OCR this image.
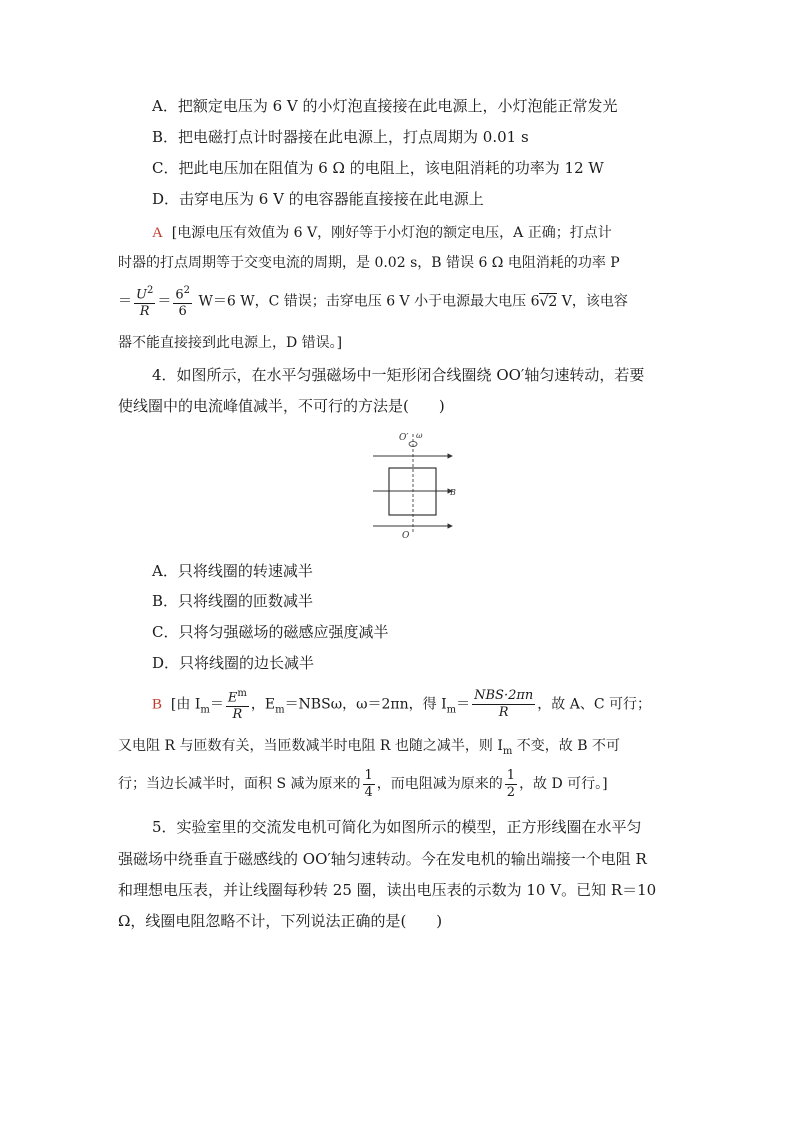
A．把额定电压为 6 V 的小灯泡直接接在此电源上，小灯泡能正常发光
B．把电磁打点计时器接在此电源上，打点周期为 0.01 s
C．把此电压加在阻值为 6 Ω 的电阻上，该电阻消耗的功率为 12 W
D．击穿电压为 6 V 的电容器能直接接在此电源上
A [电源电压有效值为 6 V，刚好等于小灯泡的额定电压，A 正确；打点计
时器的打点周期等于交变电流的周期，是 0.02 s，B 错误 6 Ω 电阻消耗的功率 P
＝ $\frac{U^2}{R} = \frac{6^2}{6} W=6$ W，C 错误；击穿电压 6 V 小于电源最大电压 6√2 V，该电容
器不能直接接到此电源上，D 错误。]
4．如图所示，在水平匀强磁场中一矩形闭合线圈绕 OO′轴匀速转动，若要
使线圈中的电流峰值减半，不可行的方法是(　　)
O′ ω
B
O
A．只将线圈的转速减半
B．只将线圈的匝数减半
C．只将匀强磁场的磁感应强度减半
D．只将线圈的边长减半
B [由 $I_m= \frac{E^m}{R}$ ，$E_m=NBS\omega$，ω＝2πn，得 $I_m= \frac{\text{NBS·2πn}}{R}$ ，故 A、C 可行；
又电阻 R 与匝数有关，当匝数减半时电阻 R 也随之减半，则 $I_m$ 不变，故 B 不可
行；当边长减半时，面积 S 减为原来的 $\frac{1}{4}$ ，而电阻减为原来的 $\frac{1}{2}$ ，故 D 可行。]
5．实验室里的交流发电机可简化为如图所示的模型，正方形线圈在水平匀
强磁场中绕垂直于磁感线的 OO′轴匀速转动。今在发电机的输出端接一个电阻 R
和理想电压表，并让线圈每秒转 25 圈，读出电压表的示数为 10 V。已知 R＝10
Ω，线圈电阻忽略不计，下列说法正确的是(　　)
